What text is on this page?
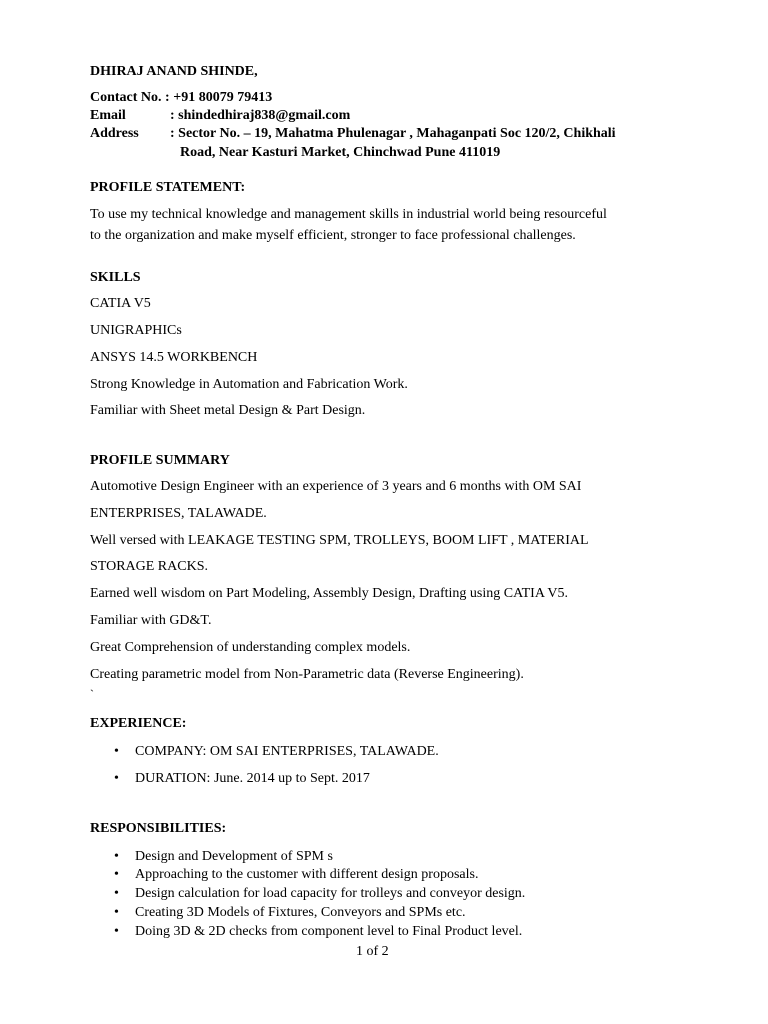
DHIRAJ ANAND SHINDE,
Contact No. : +91 80079 79413
Email	: shindedhiraj838@gmail.com
Address : Sector No. – 19, Mahatma Phulenagar , Mahaganpati Soc 120/2, Chikhali
Road, Near Kasturi Market, Chinchwad Pune 411019
PROFILE STATEMENT:
To use my technical knowledge and management skills in industrial world being resourceful
to the organization and make myself efficient, stronger to face professional challenges.
SKILLS
CATIA V5
UNIGRAPHICs
ANSYS 14.5 WORKBENCH
Strong Knowledge in Automation and Fabrication Work.
Familiar with Sheet metal Design & Part Design.
PROFILE SUMMARY
Automotive Design Engineer with an experience of 3 years and 6 months with OM SAI
ENTERPRISES, TALAWADE.
Well versed with LEAKAGE TESTING SPM, TROLLEYS, BOOM LIFT , MATERIAL
STORAGE RACKS.
Earned well wisdom on Part Modeling, Assembly Design, Drafting using CATIA V5.
Familiar with GD&T.
Great Comprehension of understanding complex models.
Creating parametric model from Non-Parametric data (Reverse Engineering).
`
EXPERIENCE:
• COMPANY: OM SAI ENTERPRISES, TALAWADE.
• DURATION: June. 2014 up to Sept. 2017
RESPONSIBILITIES:
• Design and Development of SPM s
• Approaching to the customer with different design proposals.
• Design calculation for load capacity for trolleys and conveyor design.
• Creating 3D Models of Fixtures, Conveyors and SPMs etc.
• Doing 3D & 2D checks from component level to Final Product level.
1 of 2
